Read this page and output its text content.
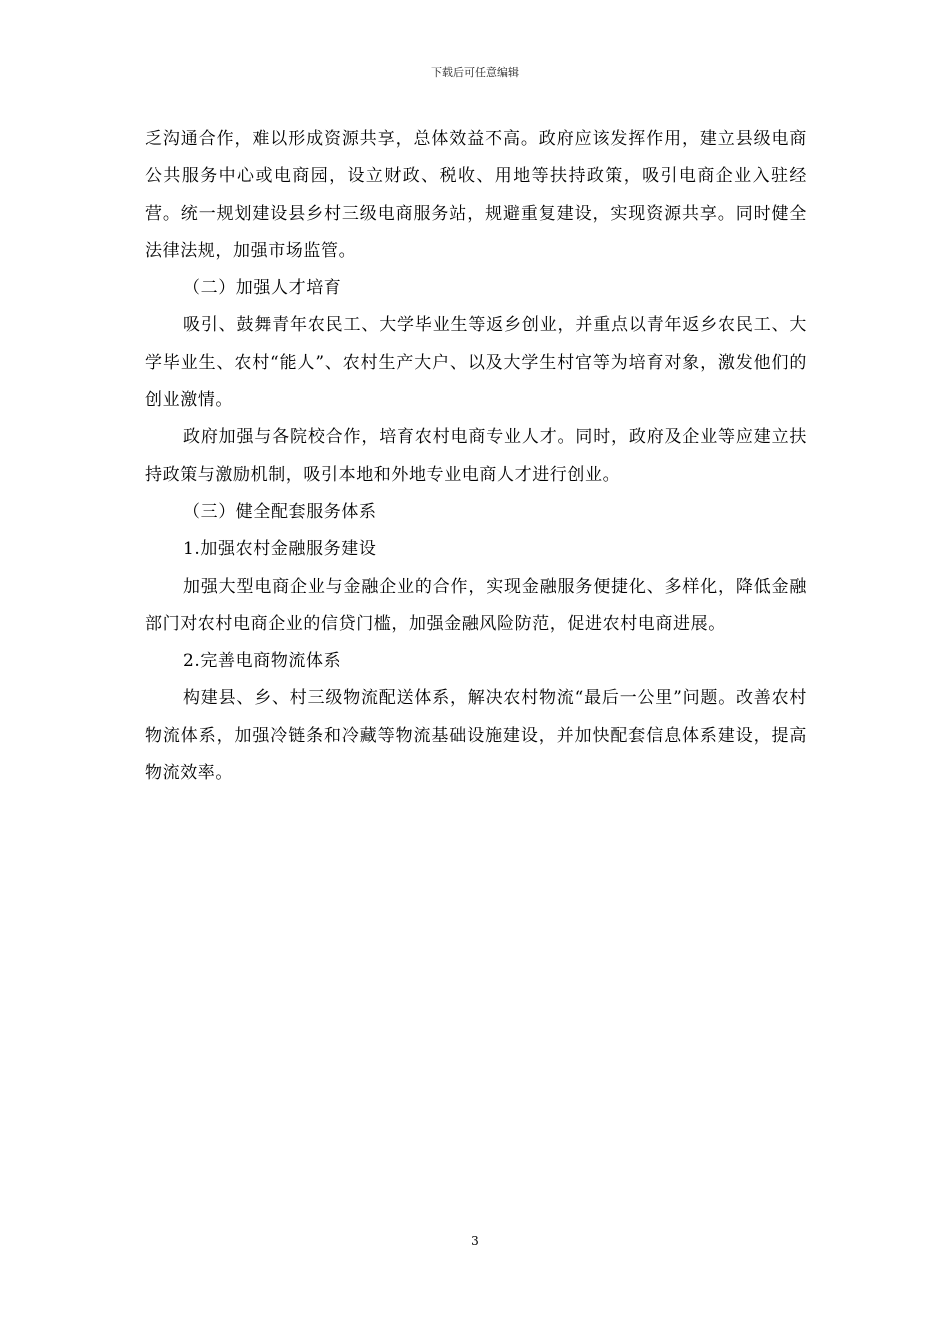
下载后可任意编辑

乏沟通合作，难以形成资源共享，总体效益不高。政府应该发挥作用，建立县级电商公共服务中心或电商园，设立财政、税收、用地等扶持政策，吸引电商企业入驻经营。统一规划建设县乡村三级电商服务站，规避重复建设，实现资源共享。同时健全法律法规，加强市场监管。

（二）加强人才培育

吸引、鼓舞青年农民工、大学毕业生等返乡创业，并重点以青年返乡农民工、大学毕业生、农村“能人”、农村生产大户、以及大学生村官等为培育对象，激发他们的创业激情。

政府加强与各院校合作，培育农村电商专业人才。同时，政府及企业等应建立扶持政策与激励机制，吸引本地和外地专业电商人才进行创业。

（三）健全配套服务体系

1.加强农村金融服务建设

加强大型电商企业与金融企业的合作，实现金融服务便捷化、多样化，降低金融部门对农村电商企业的信贷门槛，加强金融风险防范，促进农村电商进展。

2.完善电商物流体系

构建县、乡、村三级物流配送体系，解决农村物流“最后一公里”问题。改善农村物流体系，加强冷链条和冷藏等物流基础设施建设，并加快配套信息体系建设，提高物流效率。

3
